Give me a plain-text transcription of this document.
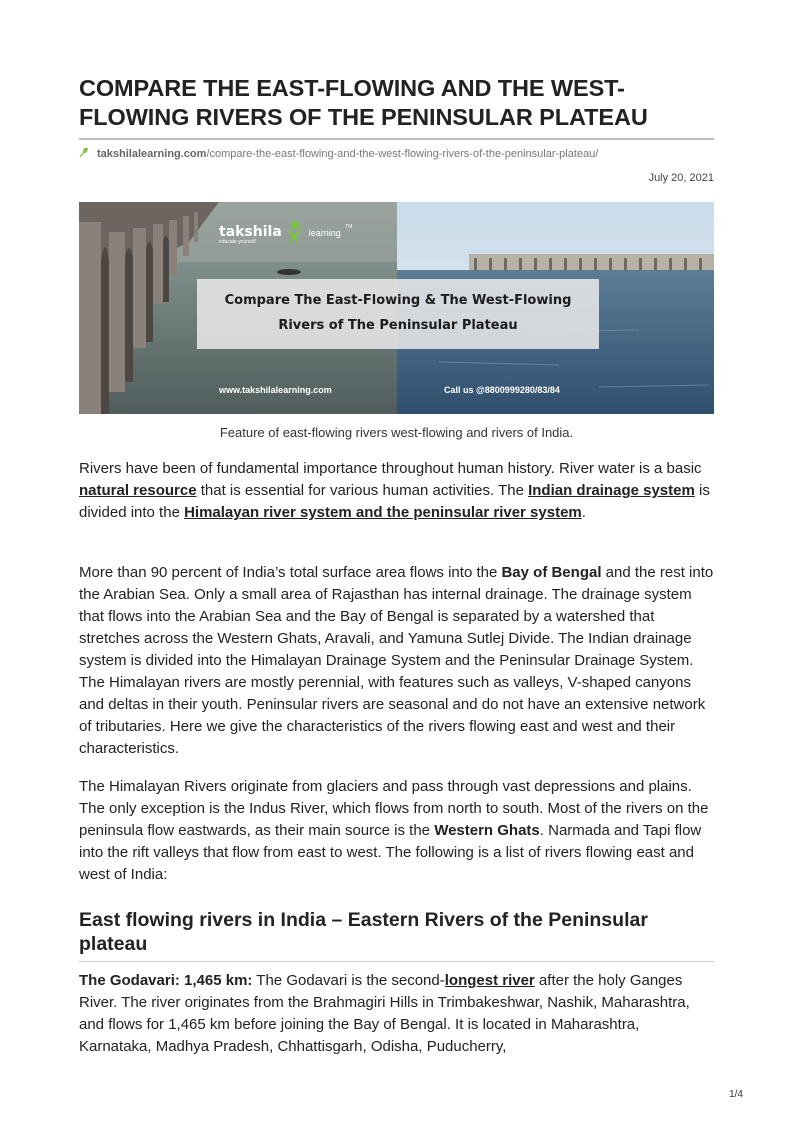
COMPARE THE EAST-FLOWING AND THE WEST-FLOWING RIVERS OF THE PENINSULAR PLATEAU
takshilalearning.com/compare-the-east-flowing-and-the-west-flowing-rivers-of-the-peninsular-plateau/
July 20, 2021
takshila	learning ™
educate yourself
Compare The East-Flowing & The West-Flowing
Rivers of The Peninsular Plateau
www.takshilalearning.com	Call us @8800999280/83/84
Feature of east-flowing rivers west-flowing and rivers of India.

Rivers have been of fundamental importance throughout human history. River water is a basic natural resource that is essential for various human activities. The Indian drainage system is divided into the Himalayan river system and the peninsular river system.

More than 90 percent of India’s total surface area flows into the Bay of Bengal and the rest into the Arabian Sea. Only a small area of Rajasthan has internal drainage. The drainage system that flows into the Arabian Sea and the Bay of Bengal is separated by a watershed that stretches across the Western Ghats, Aravali, and Yamuna Sutlej Divide. The Indian drainage system is divided into the Himalayan Drainage System and the Peninsular Drainage System. The Himalayan rivers are mostly perennial, with features such as valleys, V-shaped canyons and deltas in their youth. Peninsular rivers are seasonal and do not have an extensive network of tributaries. Here we give the characteristics of the rivers flowing east and west and their characteristics.

The Himalayan Rivers originate from glaciers and pass through vast depressions and plains. The only exception is the Indus River, which flows from north to south. Most of the rivers on the peninsula flow eastwards, as their main source is the Western Ghats. Narmada and Tapi flow into the rift valleys that flow from east to west. The following is a list of rivers flowing east and west of India:

East flowing rivers in India – Eastern Rivers of the Peninsular plateau

The Godavari: 1,465 km: The Godavari is the second-longest river after the holy Ganges River. The river originates from the Brahmagiri Hills in Trimbakeshwar, Nashik, Maharashtra, and flows for 1,465 km before joining the Bay of Bengal. It is located in Maharashtra, Karnataka, Madhya Pradesh, Chhattisgarh, Odisha, Puducherry,

1/4
